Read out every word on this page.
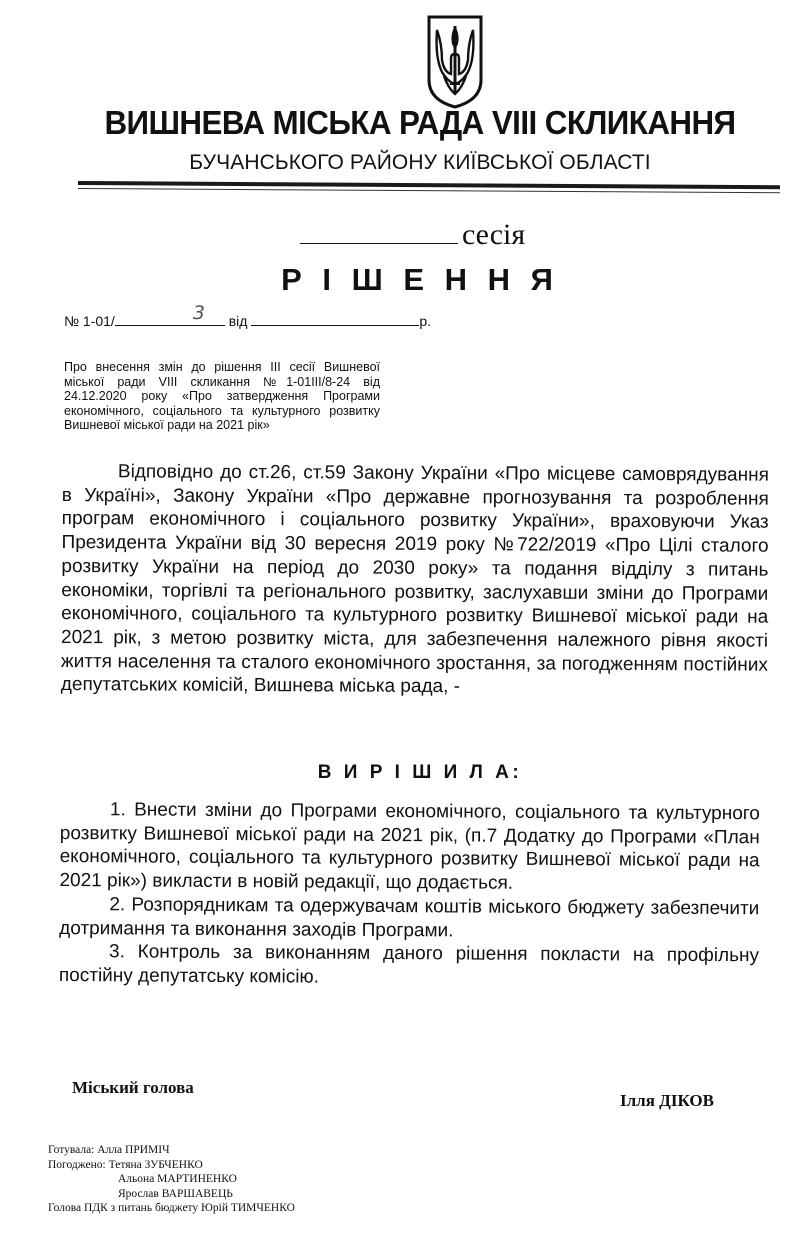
ВИШНЕВА МІСЬКА РАДА VIII СКЛИКАННЯ
БУЧАНСЬКОГО РАЙОНУ КИЇВСЬКОЇ ОБЛАСТІ
сесія
Р І Ш Е Н Н Я
№ 1-01/	3 від	р.
Про внесення змін до рішення ІІІ сесії Вишневої міської ради VIIІ скликання №1-01ІІІ/8-24 від 24.12.2020 року «Про затвердження Програми економічного, соціального та культурного розвитку Вишневої міської ради на 2021 рік»
Відповідно до ст.26, ст.59 Закону України «Про місцеве самоврядування в Україні», Закону України «Про державне прогнозування та розроблення програм економічного і соціального розвитку України», враховуючи Указ Президента України від 30 вересня 2019 року №722/2019 «Про Цілі сталого розвитку України на період до 2030 року» та подання відділу з питань економіки, торгівлі та регіонального розвитку, заслухавши зміни до Програми економічного, соціального та культурного розвитку Вишневої міської ради на 2021 рік, з метою розвитку міста, для забезпечення належного рівня якості життя населення та сталого економічного зростання, за погодженням постійних депутатських комісій, Вишнева міська рада, -
В И Р І Ш И Л А:

1. Внести зміни до Програми економічного, соціального та культурного розвитку Вишневої міської ради на 2021 рік, (п.7 Додатку до Програми «План економічного, соціального та культурного розвитку Вишневої міської ради на 2021 рік») викласти в новій редакції, що додається.

2. Розпорядникам та одержувачам коштів міського бюджету забезпечити дотримання та виконання заходів Програми.

3. Контроль за виконанням даного рішення покласти на профільну постійну депутатську комісію.

Міський голова
Ілля ДІКОВ
Готувала: Алла ПРИМІЧ
Погоджено: Тетяна ЗУБЧЕНКО
Альона МАРТИНЕНКО
Ярослав ВАРШАВЕЦЬ
Голова ПДК з питань бюджету Юрій ТИМЧЕНКО
